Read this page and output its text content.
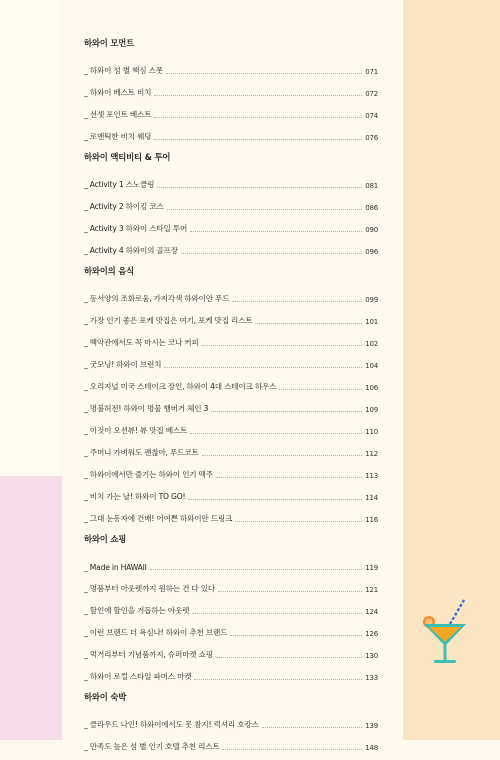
하와이 모먼트
_ 하와이 섬 별 핵심 스폿	071
_ 하와이 베스트 비치	072
_ 선셋 포인트 베스트	074
_ 로맨틱한 비치 웨딩	076
하와이 액티비티 & 투어
_ Activity 1 스노클링	081
_ Activity 2 하이킹 코스	086
_ Activity 3 하와이 스타일 투어	090
_ Activity 4 하와이의 골프장	096
하와이의 음식
_ 동서양의 조화로움, 가지각색 하와이안 푸드	099
_ 가장 인기 좋은 포케 맛집은 여기, 포케 맛집 리스트	101
_ 백악관에서도 꼭 마시는 코나 커피	102
_ 굿모닝! 하와이 브런치	104
_ 오리지널 미국 스테이크 장인, 하와이 4대 스테이크 하우스	106
_ 명불허전! 하와이 명물 햄버거 체인 3	109
_ 이것이 오션뷰! 뷰 맛집 베스트	110
_ 주머니 가벼워도 괜찮아, 푸드코트	112
_ 하와이에서만 즐기는 하와이 인기 맥주	113
_ 비치 가는 날! 하와이 TO GO!	114
_ 그대 눈동자에 건배! 어여쁜 하와이안 드링크	116
하와이 쇼핑
_ Made in HAWAII	119
_ 명품부터 아웃렛까지 원하는 건 다 있다	121
_ 할인에 할인을 거듭하는 아웃렛	124
_ 이런 브랜드 더 욕심나! 하와이 추천 브랜드	126
_ 먹거리부터 기념품까지, 슈퍼마켓 쇼핑	130
_ 하와이 로컬 스타일 파머스 마켓	133
하와이 숙박
_ 클라우드 나인! 하와이에서도 못 참지! 럭셔리 호캉스	139
_ 만족도 높은 섬 별 인기 호텔 추천 리스트	148
